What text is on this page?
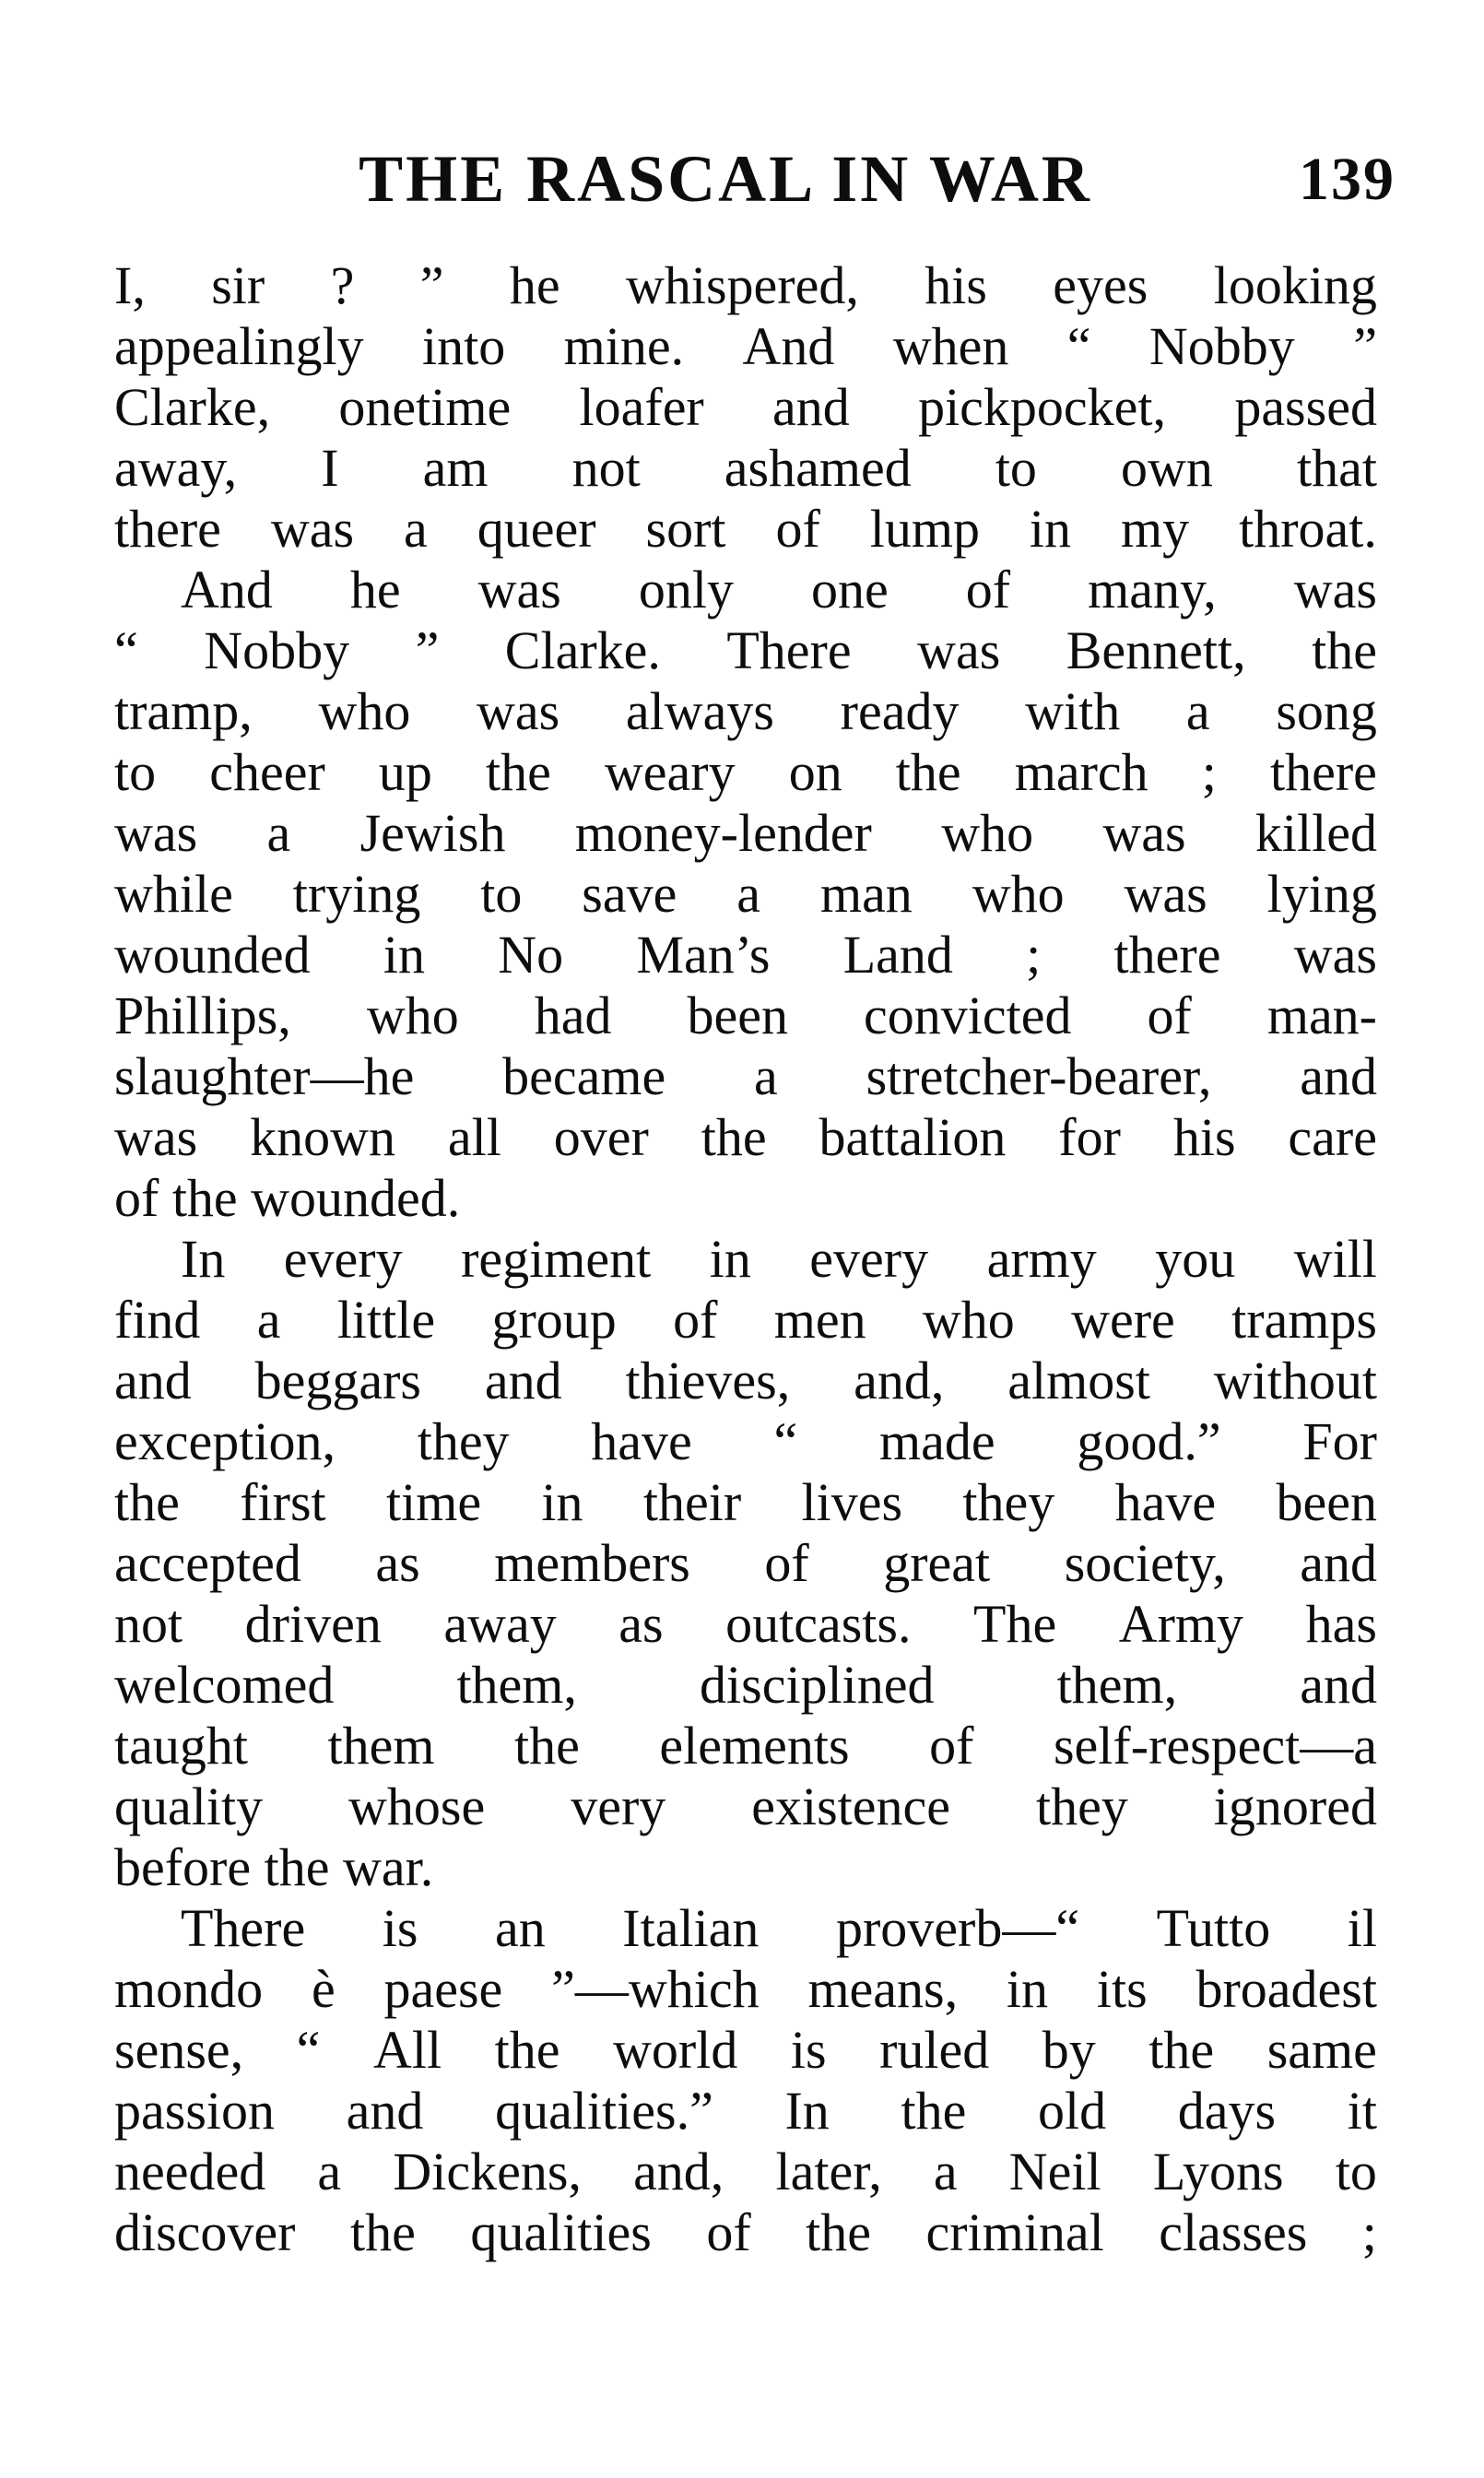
THE RASCAL IN WAR	139
I, sir ? ” he whispered, his eyes looking
appealingly into mine. And when “ Nobby ”
Clarke, onetime loafer and pickpocket, passed
away, I am not ashamed to own that
there was a queer sort of lump in my throat.
And he was only one of many, was
“ Nobby ” Clarke. There was Bennett, the
tramp, who was always ready with a song
to cheer up the weary on the march ; there
was a Jewish money-lender who was killed
while trying to save a man who was lying
wounded in No Man’s Land ; there was
Phillips, who had been convicted of man-
slaughter—he became a stretcher-bearer, and
was known all over the battalion for his care
of the wounded.
In every regiment in every army you will
find a little group of men who were tramps
and beggars and thieves, and, almost without
exception, they have “ made good.” For
the first time in their lives they have been
accepted as members of great society, and
not driven away as outcasts. The Army has
welcomed them, disciplined them, and
taught them the elements of self-respect—a
quality whose very existence they ignored
before the war.
There is an Italian proverb—“ Tutto il
mondo è paese ”—which means, in its broadest
sense, “ All the world is ruled by the same
passion and qualities.” In the old days it
needed a Dickens, and, later, a Neil Lyons to
discover the qualities of the criminal classes ;
